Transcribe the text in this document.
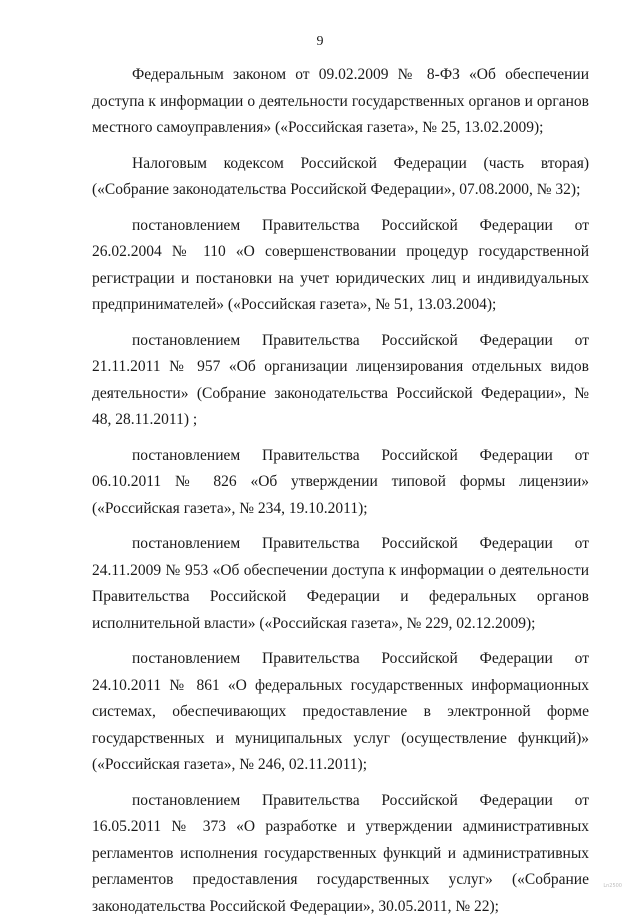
9

Федеральным законом от 09.02.2009 № 8-ФЗ «Об обеспечении доступа к информации о деятельности государственных органов и органов местного самоуправления» («Российская газета», № 25, 13.02.2009);

Налоговым кодексом Российской Федерации (часть вторая) («Собрание законодательства Российской Федерации», 07.08.2000, № 32);

постановлением Правительства Российской Федерации от 26.02.2004 № 110 «О совершенствовании процедур государственной регистрации и постановки на учет юридических лиц и индивидуальных предпринимателей» («Российская газета», № 51, 13.03.2004);

постановлением Правительства Российской Федерации от 21.11.2011 № 957 «Об организации лицензирования отдельных видов деятельности» (Собрание законодательства Российской Федерации», № 48, 28.11.2011) ;

постановлением Правительства Российской Федерации от 06.10.2011 № 826 «Об утверждении типовой формы лицензии» («Российская газета», № 234, 19.10.2011);

постановлением Правительства Российской Федерации от 24.11.2009 № 953 «Об обеспечении доступа к информации о деятельности Правительства Российской Федерации и федеральных органов исполнительной власти» («Российская газета», № 229, 02.12.2009);

постановлением Правительства Российской Федерации от 24.10.2011 № 861 «О федеральных государственных информационных системах, обеспечивающих предоставление в электронной форме государственных и муниципальных услуг (осуществление функций)» («Российская газета», № 246, 02.11.2011);

постановлением Правительства Российской Федерации от 16.05.2011 № 373 «О разработке и утверждении административных регламентов исполнения государственных функций и административных регламентов предоставления государственных услуг» («Собрание законодательства Российской Федерации», 30.05.2011, № 22);

Ln2500
